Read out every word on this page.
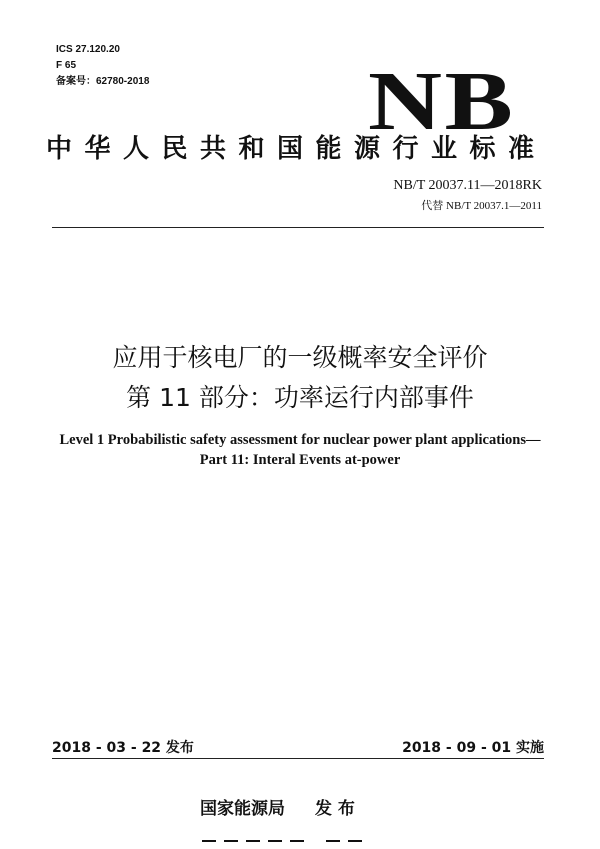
ICS 27.120.20
F 65
备案号：62780-2018	NB
中华人民共和国能源行业标准
NB/T 20037.11—2018RK
代替 NB/T 20037.1—2011
应用于核电厂的一级概率安全评价
第 11 部分：功率运行内部事件
Level 1 Probabilistic safety assessment for nuclear power plant applications—
Part 11: Interal Events at-power
2018 - 03 - 22 发布	2018 - 09 - 01 实施
国家能源局 发 布
